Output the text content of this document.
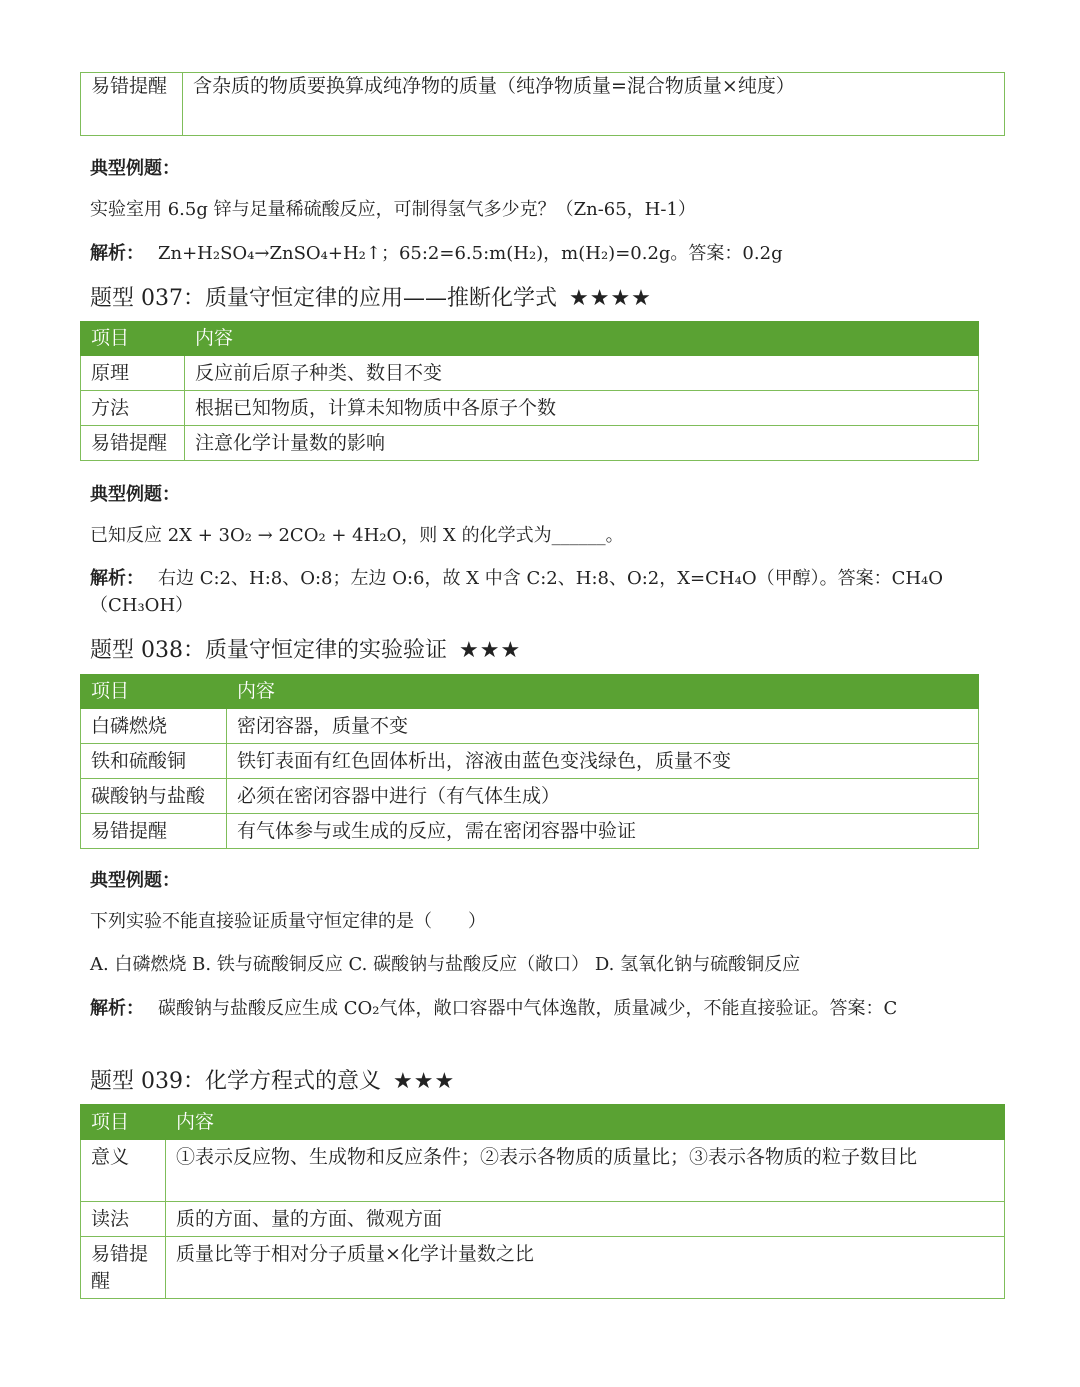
易错提醒	含杂质的物质要换算成纯净物的质量（纯净物质量=混合物质量×纯度）
典型例题：
实验室用 6.5g 锌与足量稀硫酸反应，可制得氢气多少克？（Zn-65，H-1）
解析： Zn+H₂SO₄→ZnSO₄+H₂↑；65:2=6.5:m(H₂)，m(H₂)=0.2g。答案：0.2g
题型 037：质量守恒定律的应用——推断化学式 ★★★★
项目	内容
原理	反应前后原子种类、数目不变
方法	根据已知物质，计算未知物质中各原子个数
易错提醒	注意化学计量数的影响
典型例题：
已知反应 2X + 3O₂ → 2CO₂ + 4H₂O，则 X 的化学式为______。
解析： 右边 C:2、H:8、O:8；左边 O:6，故 X 中含 C:2、H:8、O:2，X=CH₄O（甲醇）。答案：CH₄O（CH₃OH）
题型 038：质量守恒定律的实验验证 ★★★
项目	内容
白磷燃烧	密闭容器，质量不变
铁和硫酸铜	铁钉表面有红色固体析出，溶液由蓝色变浅绿色，质量不变
碳酸钠与盐酸	必须在密闭容器中进行（有气体生成）
易错提醒	有气体参与或生成的反应，需在密闭容器中验证
典型例题：
下列实验不能直接验证质量守恒定律的是（　　）
A. 白磷燃烧 B. 铁与硫酸铜反应 C. 碳酸钠与盐酸反应（敞口） D. 氢氧化钠与硫酸铜反应
解析： 碳酸钠与盐酸反应生成 CO₂气体，敞口容器中气体逸散，质量减少，不能直接验证。答案：C
题型 039：化学方程式的意义 ★★★
项目	内容
意义	①表示反应物、生成物和反应条件；②表示各物质的质量比；③表示各物质的粒子数目比
读法	质的方面、量的方面、微观方面
易错提醒	质量比等于相对分子质量×化学计量数之比
